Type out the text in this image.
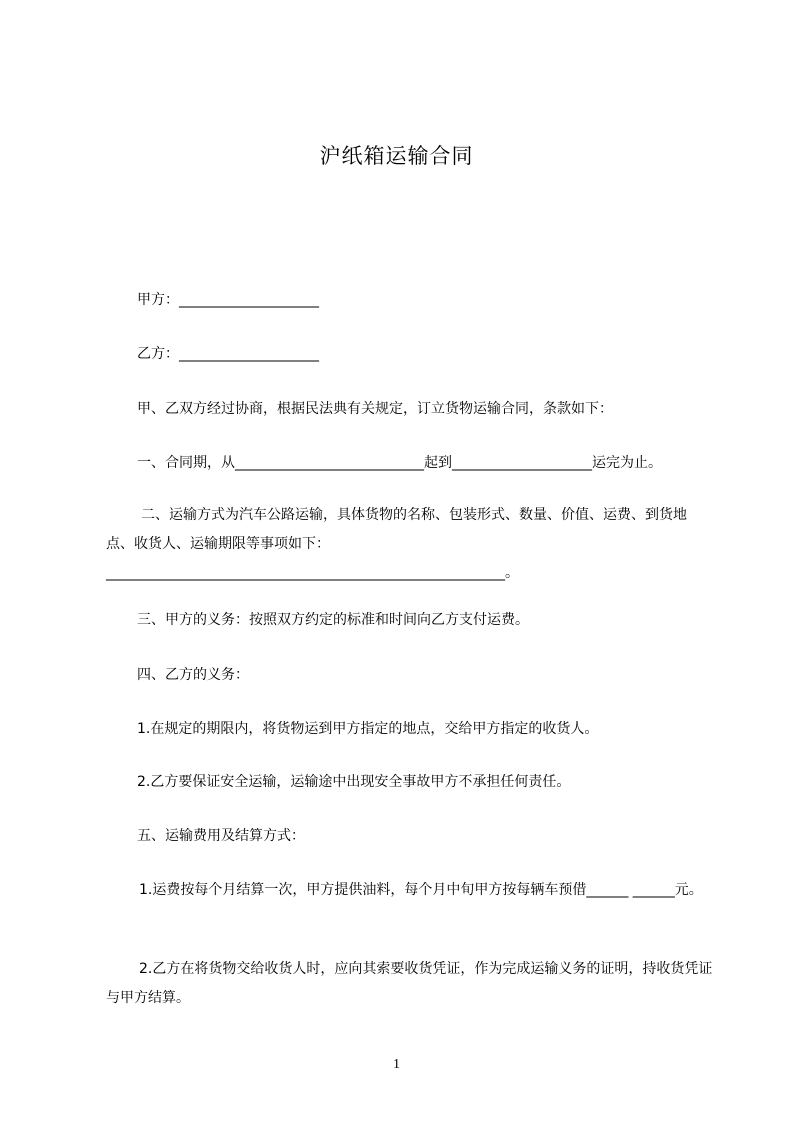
沪纸箱运输合同
甲方：____________________
乙方：____________________
甲、乙双方经过协商，根据民法典有关规定，订立货物运输合同，条款如下：
一、合同期，从___________________________起到____________________运完为止。
二、运输方式为汽车公路运输，具体货物的名称、包装形式、数量、价值、运费、到货地点、收货人、运输期限等事项如下：_________________________________________________________。
三、甲方的义务：按照双方约定的标准和时间向乙方支付运费。
四、乙方的义务：
1.在规定的期限内，将货物运到甲方指定的地点，交给甲方指定的收货人。
2.乙方要保证安全运输，运输途中出现安全事故甲方不承担任何责任。
五、运输费用及结算方式：
1.运费按每个月结算一次，甲方提供油料，每个月中旬甲方按每辆车预借______ ______元。
2.乙方在将货物交给收货人时，应向其索要收货凭证，作为完成运输义务的证明，持收货凭证与甲方结算。
1
